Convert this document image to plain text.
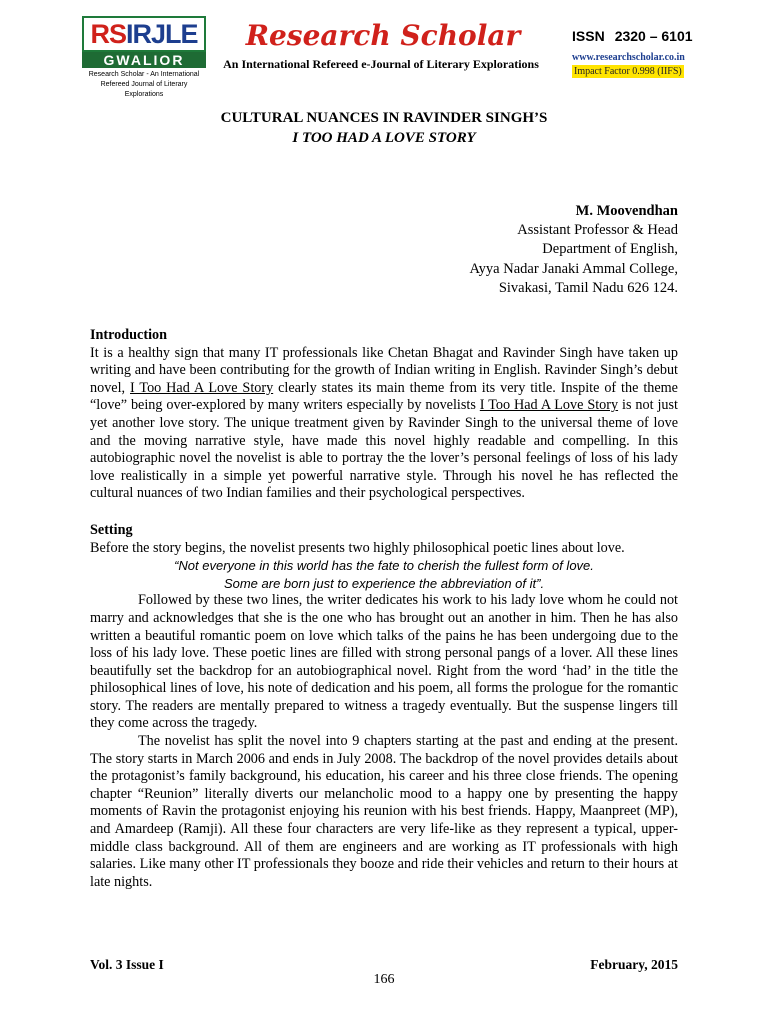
RS IRJLE
GWALIOR
Research Scholar - An International
Refereed Journal of Literary Explorations
Research Scholar
An International Refereed e-Journal of Literary Explorations
ISSN 2320 – 6101
www.researchscholar.co.in
Impact Factor 0.998 (IIFS)
CULTURAL NUANCES IN RAVINDER SINGH’S
I TOO HAD A LOVE STORY
M. Moovendhan
Assistant Professor & Head
Department of English,
Ayya Nadar Janaki Ammal College,
Sivakasi, Tamil Nadu 626 124.

Introduction

It is a healthy sign that many IT professionals like Chetan Bhagat and Ravinder Singh have taken up writing and have been contributing for the growth of Indian writing in English. Ravinder Singh’s debut novel, I Too Had A Love Story clearly states its main theme from its very title. Inspite of the theme “love” being over-explored by many writers especially by novelists I Too Had A Love Story is not just yet another love story. The unique treatment given by Ravinder Singh to the universal theme of love and the moving narrative style, have made this novel highly readable and compelling. In this autobiographic novel the novelist is able to portray the the lover’s personal feelings of loss of his lady love realistically in a simple yet powerful narrative style. Through his novel he has reflected the cultural nuances of two Indian families and their psychological perspectives.

Setting

Before the story begins, the novelist presents two highly philosophical poetic lines about love.

“Not everyone in this world has the fate to cherish the fullest form of love.

Some are born just to experience the abbreviation of it”.

Followed by these two lines, the writer dedicates his work to his lady love whom he could not marry and acknowledges that she is the one who has brought out an another in him. Then he has also written a beautiful romantic poem on love which talks of the pains he has been undergoing due to the loss of his lady love. These poetic lines are filled with strong personal pangs of a lover. All these lines beautifully set the backdrop for an autobiographical novel. Right from the word ‘had’ in the title the philosophical lines of love, his note of dedication and his poem, all forms the prologue for the romantic story. The readers are mentally prepared to witness a tragedy eventually. But the suspense lingers till they come across the tragedy.

The novelist has split the novel into 9 chapters starting at the past and ending at the present. The story starts in March 2006 and ends in July 2008. The backdrop of the novel provides details about the protagonist’s family background, his education, his career and his three close friends. The opening chapter “Reunion” literally diverts our melancholic mood to a happy one by presenting the happy moments of Ravin the protagonist enjoying his reunion with his best friends. Happy, Maanpreet (MP), and Amardeep (Ramji). All these four characters are very life-like as they represent a typical, upper-middle class background. All of them are engineers and are working as IT professionals with high salaries. Like many other IT professionals they booze and ride their vehicles and return to their hours at late nights.

Vol. 3 Issue I	February, 2015
166
